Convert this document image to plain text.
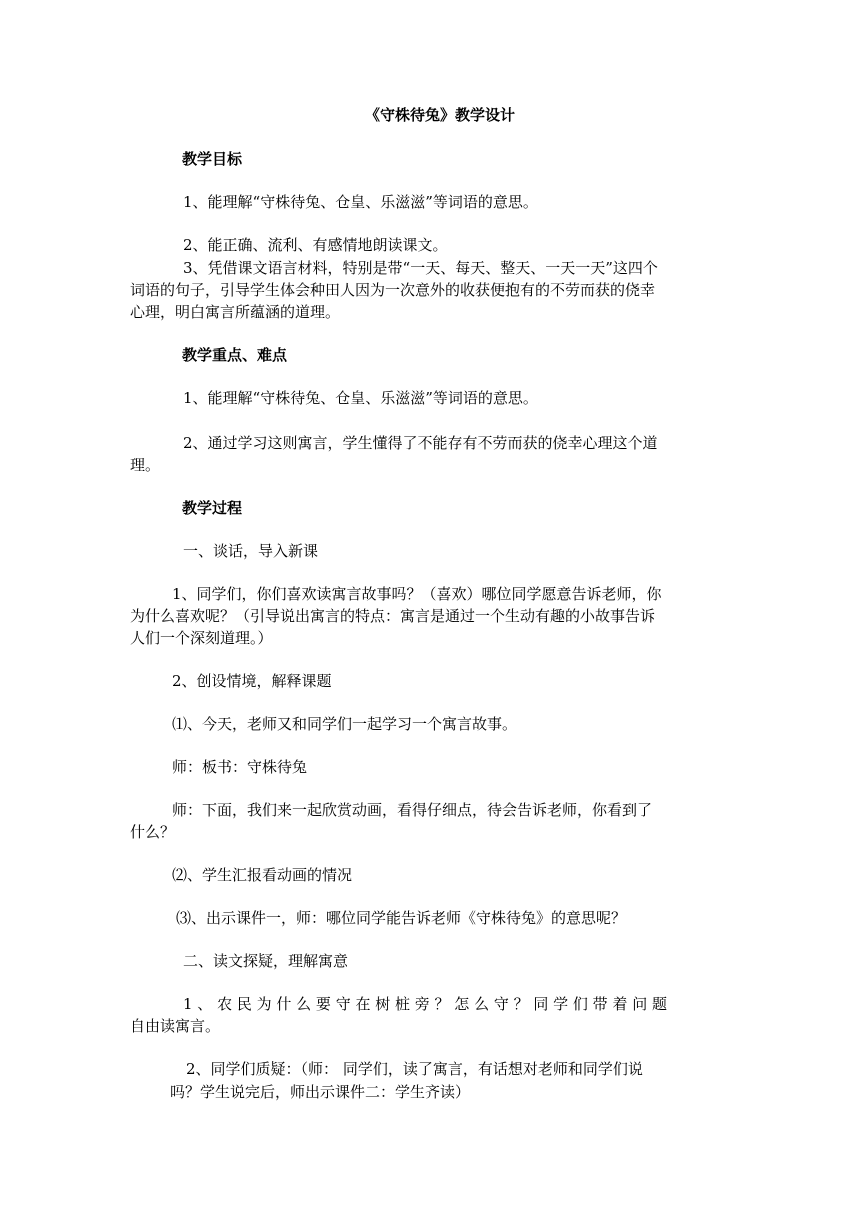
《守株待兔》教学设计
教学目标
1、能理解“守株待兔、仓皇、乐滋滋”等词语的意思。
2、能正确、流利、有感情地朗读课文。
3、凭借课文语言材料，特别是带“一天、每天、整天、一天一天”这四个
词语的句子，引导学生体会种田人因为一次意外的收获便抱有的不劳而获的侥幸
心理，明白寓言所蕴涵的道理。
教学重点、难点
1、能理解“守株待兔、仓皇、乐滋滋”等词语的意思。
2、通过学习这则寓言，学生懂得了不能存有不劳而获的侥幸心理这个道
理。
教学过程
一、谈话，导入新课
1、同学们，你们喜欢读寓言故事吗？（喜欢）哪位同学愿意告诉老师，你
为什么喜欢呢？（引导说出寓言的特点：寓言是通过一个生动有趣的小故事告诉
人们一个深刻道理。）
2、创设情境，解释课题
⑴、今天，老师又和同学们一起学习一个寓言故事。
师：板书：守株待兔
师：下面，我们来一起欣赏动画，看得仔细点，待会告诉老师，你看到了
什么？
⑵、学生汇报看动画的情况
⑶、出示课件一，师：哪位同学能告诉老师《守株待兔》的意思呢？
二、读文探疑，理解寓意
1 、 农 民 为 什 么 要 守 在 树 桩 旁 ？ 怎 么 守 ？ 同 学 们 带 着 问 题
自由读寓言。
2、同学们质疑：（师： 同学们，读了寓言，有话想对老师和同学们说
吗？学生说完后，师出示课件二：学生齐读）
